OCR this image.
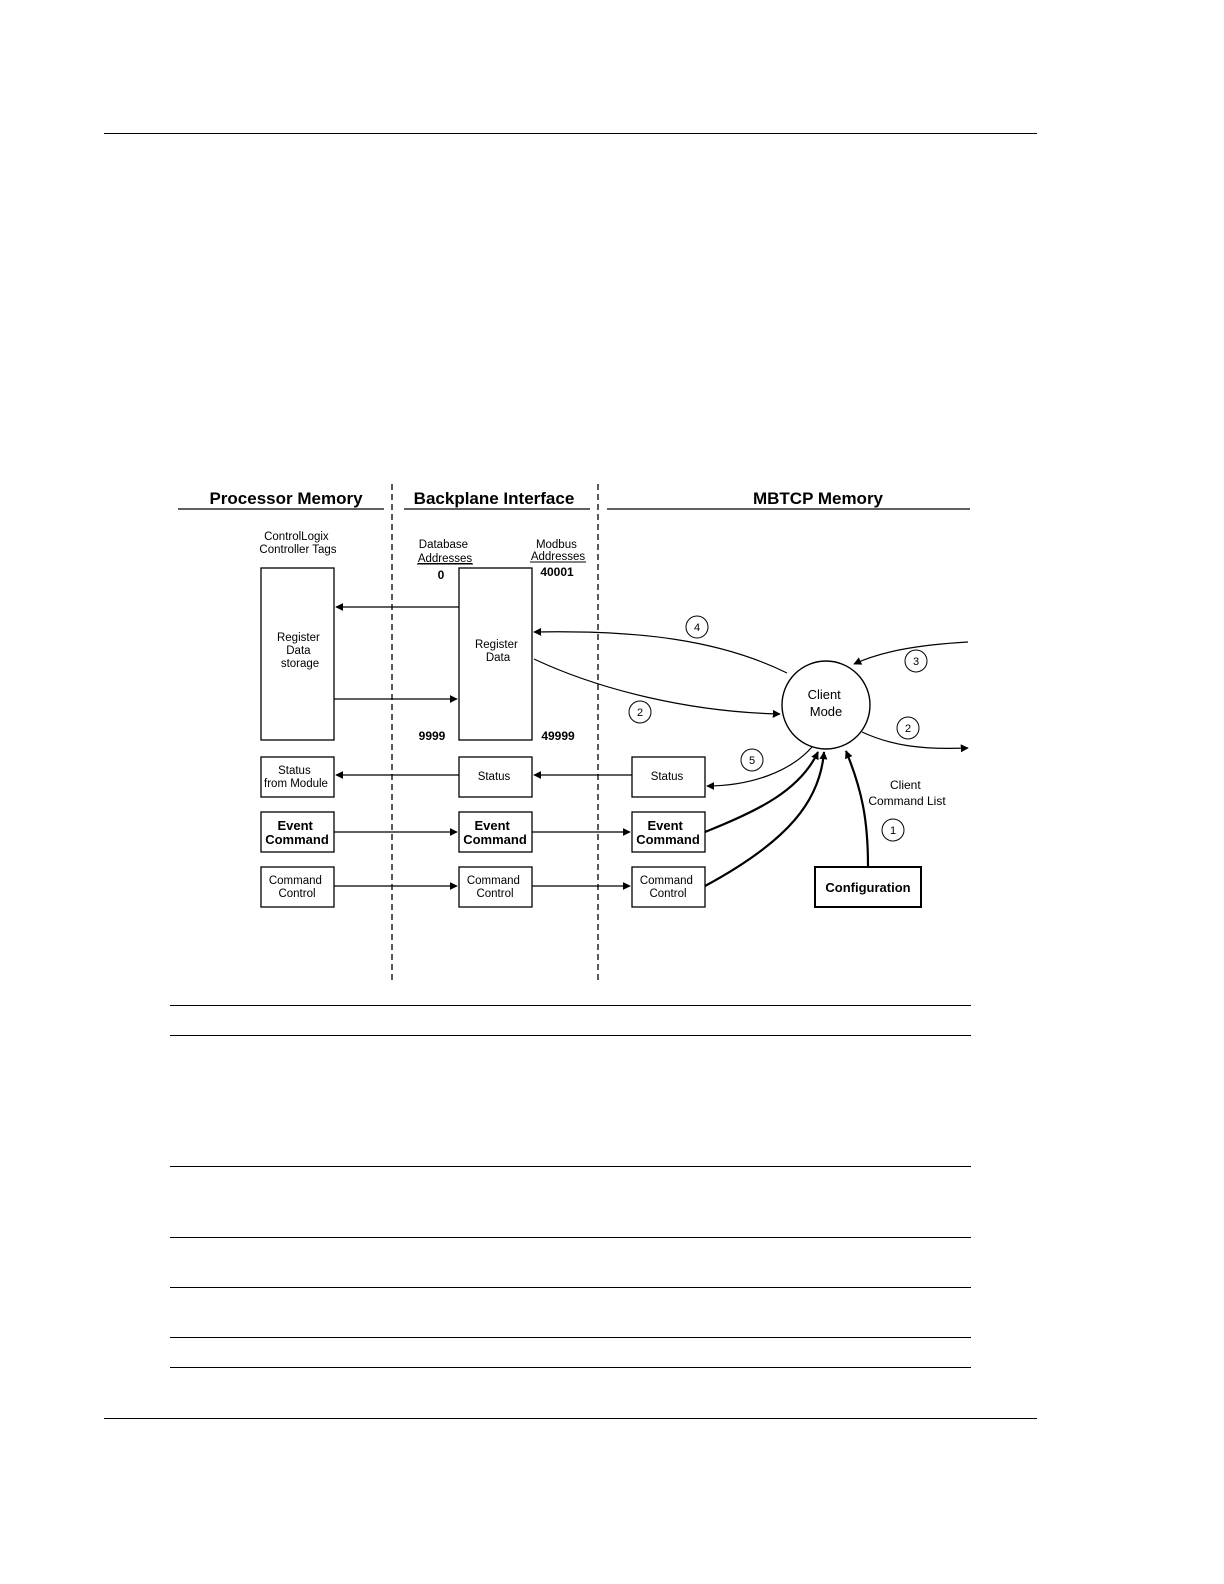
Processor Memory	Backplane Interface	MBTCP Memory
ControlLogix Controller Tags	Database Addresses
Modbus Addresses
0	40001
9999	49999
Register Data storage
Register Data
Status from Module
Status	Status
Event Command
Event Command
Event Command
Command Control
Command Control
Command Control
Client Mode
Configuration
Client Command List
4
2
3
2
5
1
